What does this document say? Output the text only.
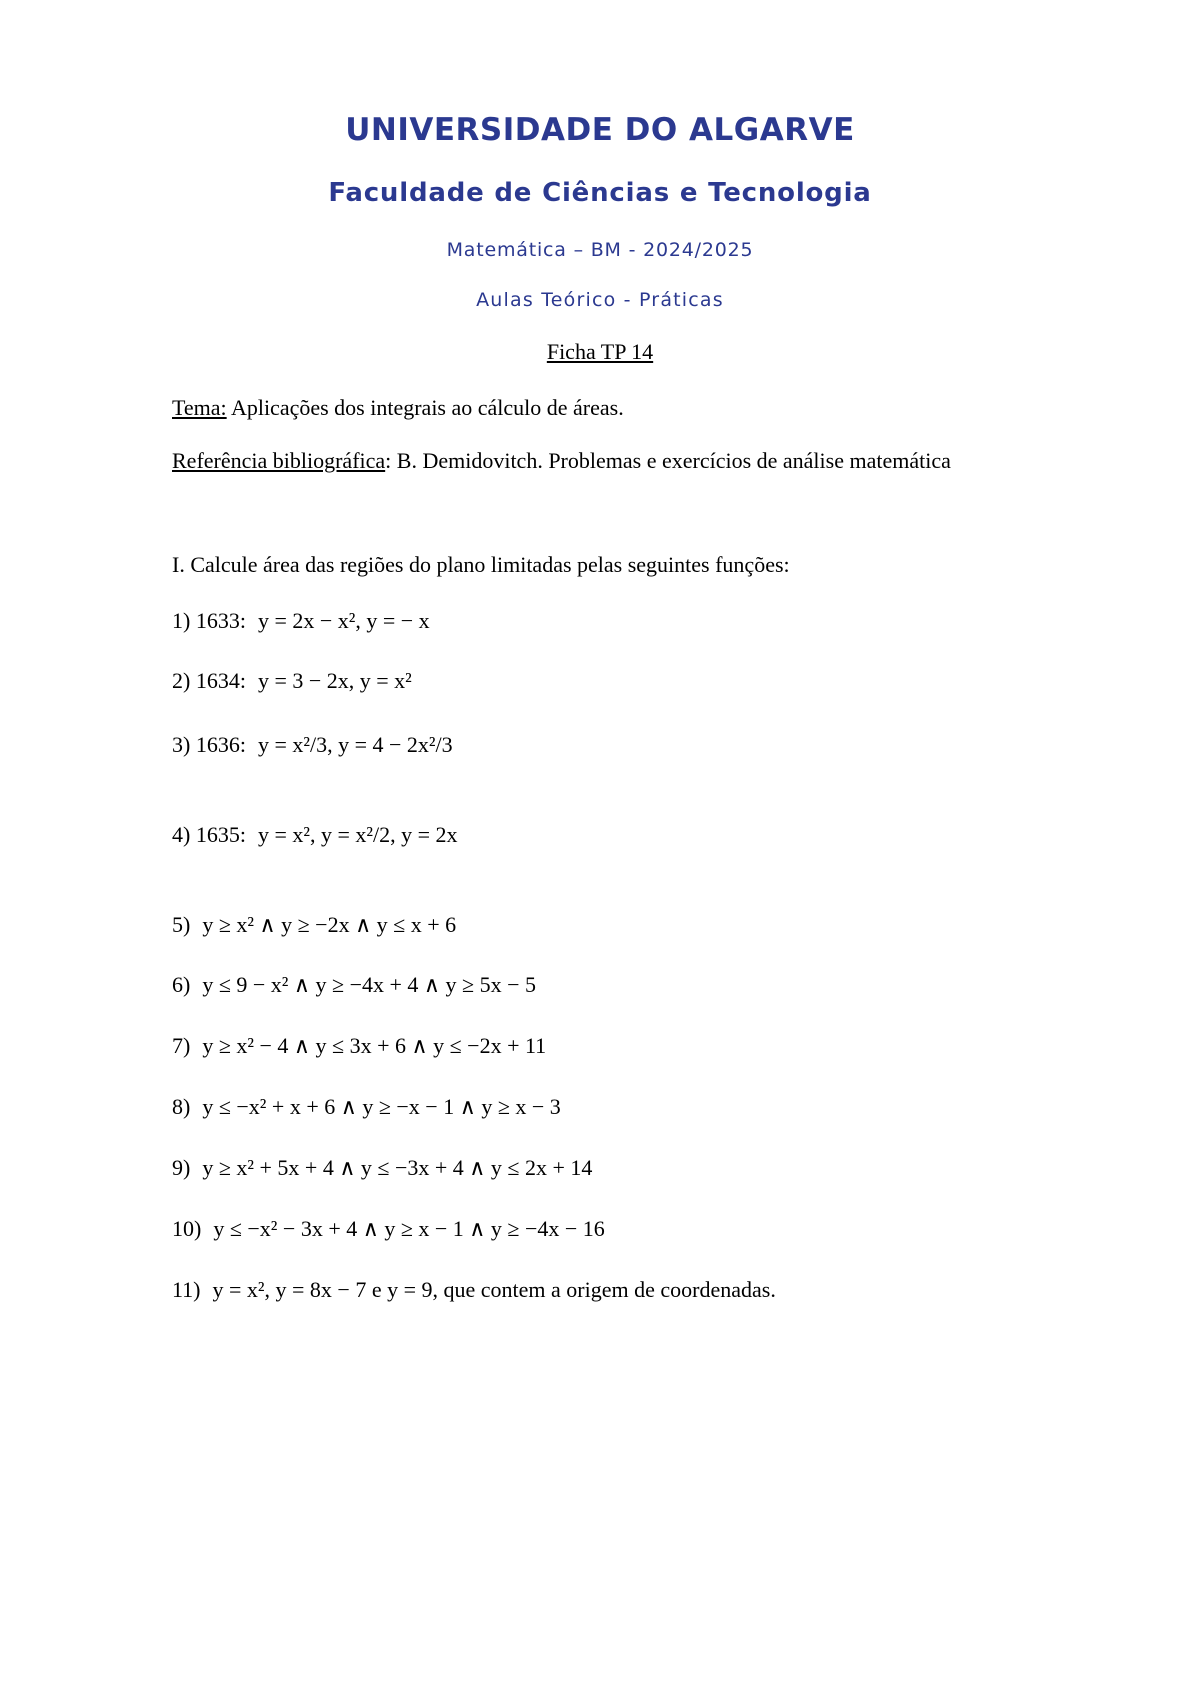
UNIVERSIDADE DO ALGARVE
Faculdade de Ciências e Tecnologia
Matemática – BM - 2024/2025
Aulas Teórico - Práticas
Ficha TP 14
Tema: Aplicações dos integrais ao cálculo de áreas.
Referência bibliográfica: B. Demidovitch. Problemas e exercícios de análise matemática
I. Calcule área das regiões do plano limitadas pelas seguintes funções:
1) 1633: y = 2x − x², y = − x
2) 1634: y = 3 − 2x, y = x²
3) 1636: y = x²/3, y = 4 − 2x²/3
4) 1635: y = x², y = x²/2, y = 2x
5) y ≥ x² ∧ y ≥ −2x ∧ y ≤ x + 6
6) y ≤ 9 − x² ∧ y ≥ −4x + 4 ∧ y ≥ 5x − 5
7) y ≥ x² − 4 ∧ y ≤ 3x + 6 ∧ y ≤ −2x + 11
8) y ≤ −x² + x + 6 ∧ y ≥ −x − 1 ∧ y ≥ x − 3
9) y ≥ x² + 5x + 4 ∧ y ≤ −3x + 4 ∧ y ≤ 2x + 14
10) y ≤ −x² − 3x + 4 ∧ y ≥ x − 1 ∧ y ≥ −4x − 16
11) y = x², y = 8x − 7 e y = 9, que contem a origem de coordenadas.
